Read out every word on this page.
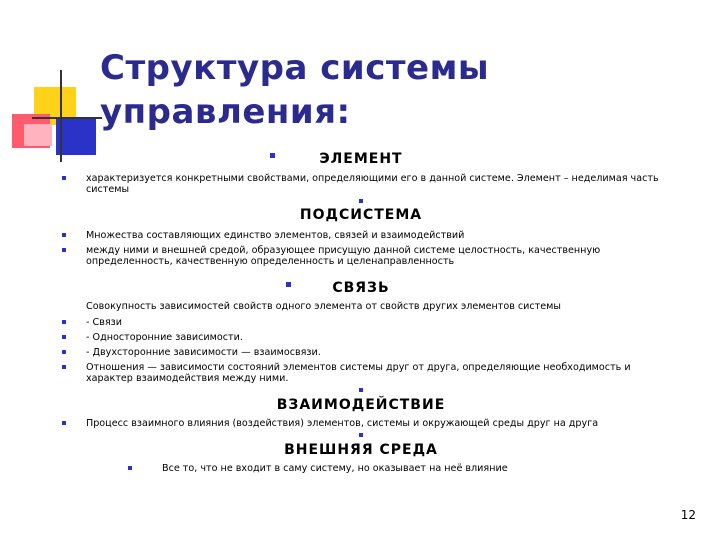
Структура системы управления:
ЭЛЕМЕНТ
характеризуется конкретными свойствами, определяющими его в данной системе. Элемент – неделимая часть системы
ПОДСИСТЕМА
Множества составляющих единство элементов, связей и взаимодействий
между ними и внешней средой, образующее присущую данной системе целостность, качественную определенность, качественную определенность и целенаправленность
СВЯЗЬ
Совокупность зависимостей свойств одного элемента от свойств других элементов системы
- Связи
- Односторонние зависимости.
- Двухсторонние зависимости — взаимосвязи.
Отношения — зависимости состояний элементов системы друг от друга, определяющие необходимость и характер взаимодействия между ними.
ВЗАИМОДЕЙСТВИЕ
Процесс взаимного влияния (воздействия) элементов, системы и окружающей среды друг на друга
ВНЕШНЯЯ СРЕДА
Все то, что не входит в саму систему, но оказывает на неё влияние
12
